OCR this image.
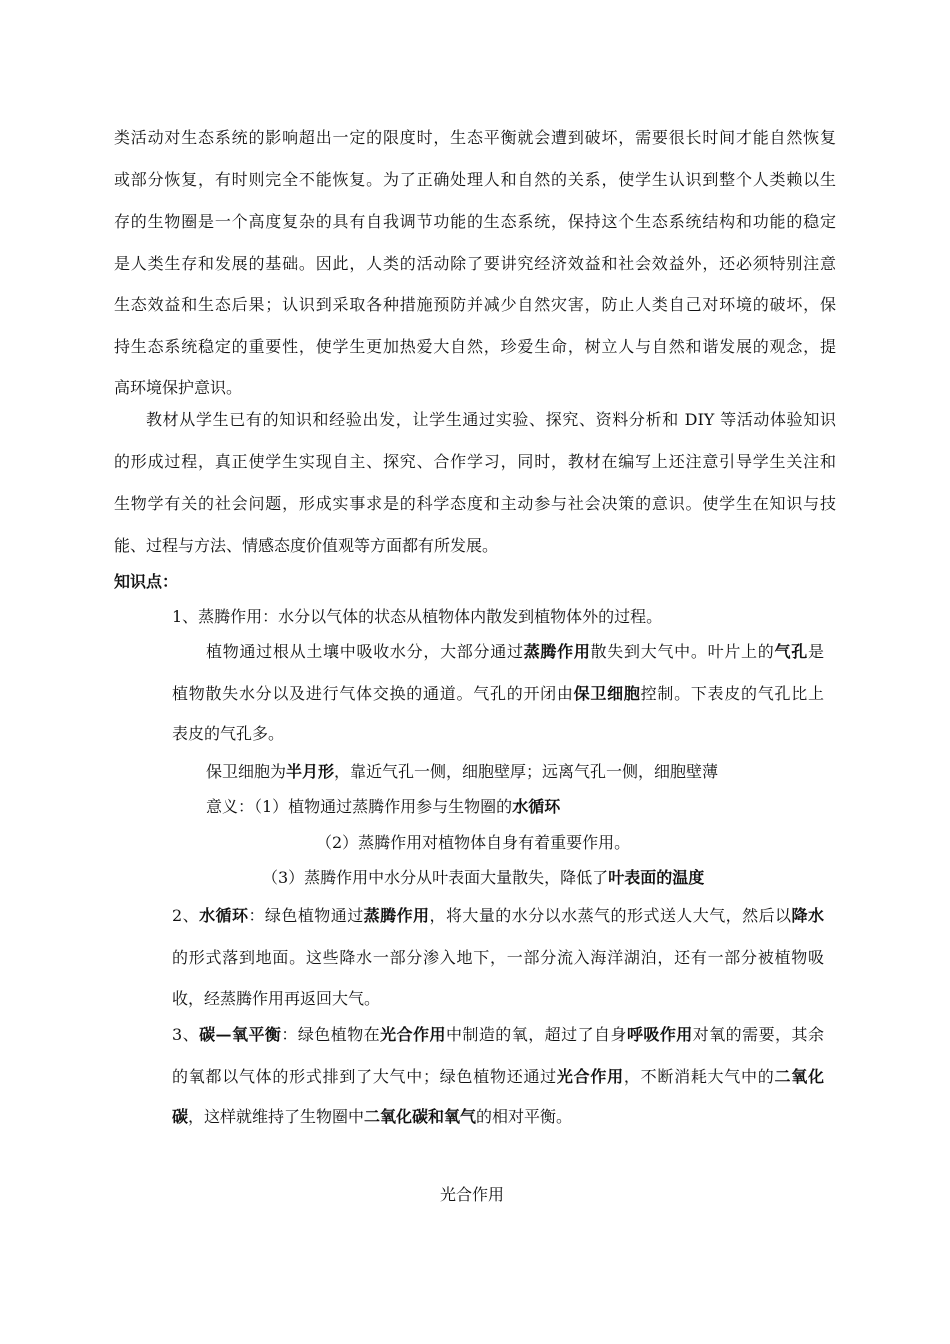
类活动对生态系统的影响超出一定的限度时，生态平衡就会遭到破坏，需要很长时间才能自然恢复
或部分恢复，有时则完全不能恢复。为了正确处理人和自然的关系，使学生认识到整个人类赖以生
存的生物圈是一个高度复杂的具有自我调节功能的生态系统，保持这个生态系统结构和功能的稳定
是人类生存和发展的基础。因此，人类的活动除了要讲究经济效益和社会效益外，还必须特别注意
生态效益和生态后果；认识到采取各种措施预防并减少自然灾害，防止人类自己对环境的破坏，保
持生态系统稳定的重要性，使学生更加热爱大自然，珍爱生命，树立人与自然和谐发展的观念，提
高环境保护意识。
教材从学生已有的知识和经验出发，让学生通过实验、探究、资料分析和 DIY 等活动体验知识
的形成过程，真正使学生实现自主、探究、合作学习，同时，教材在编写上还注意引导学生关注和
生物学有关的社会问题，形成实事求是的科学态度和主动参与社会决策的意识。使学生在知识与技
能、过程与方法、情感态度价值观等方面都有所发展。
知识点：
1、蒸腾作用：水分以气体的状态从植物体内散发到植物体外的过程。
植物通过根从土壤中吸收水分，大部分通过蒸腾作用散失到大气中。叶片上的气孔是
植物散失水分以及进行气体交换的通道。气孔的开闭由保卫细胞控制。下表皮的气孔比上
表皮的气孔多。
保卫细胞为半月形，靠近气孔一侧，细胞壁厚；远离气孔一侧，细胞壁薄
意义：（1）植物通过蒸腾作用参与生物圈的水循环
（2）蒸腾作用对植物体自身有着重要作用。
（3）蒸腾作用中水分从叶表面大量散失，降低了叶表面的温度
2、水循环：绿色植物通过蒸腾作用，将大量的水分以水蒸气的形式送人大气，然后以降水
的形式落到地面。这些降水一部分渗入地下，一部分流入海洋湖泊，还有一部分被植物吸
收，经蒸腾作用再返回大气。
3、碳—氧平衡：绿色植物在光合作用中制造的氧，超过了自身呼吸作用对氧的需要，其余
的氧都以气体的形式排到了大气中；绿色植物还通过光合作用，不断消耗大气中的二氧化
碳，这样就维持了生物圈中二氧化碳和氧气的相对平衡。
光合作用
